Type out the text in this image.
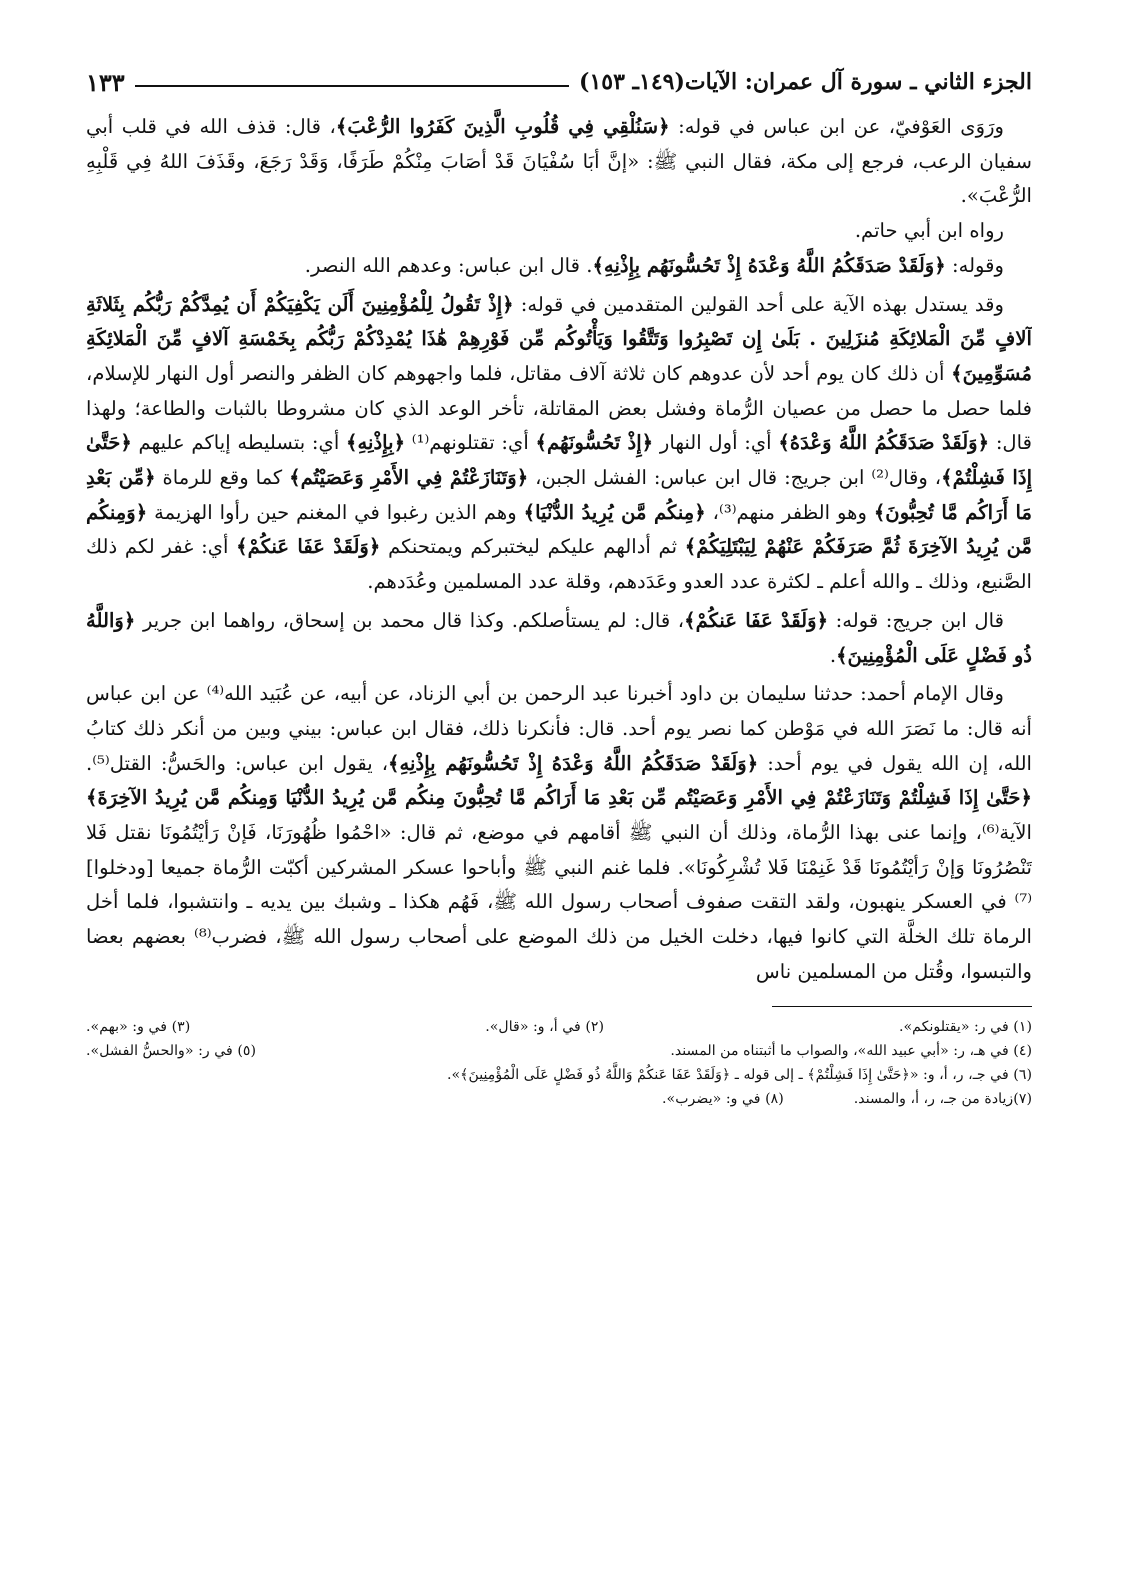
الجزء الثاني ـ سورة آل عمران: الآيات(١٤٩ـ ١٥٣)
١٣٣

ورَوَى العَوْفيّ، عن ابن عباس في قوله: ﴿سَنُلْقِي فِي قُلُوبِ الَّذِينَ كَفَرُوا الرُّعْبَ﴾، قال: قذف الله في قلب أبي سفيان الرعب، فرجع إلى مكة، فقال النبي ﷺ: «إنَّ أبَا سُفْيَانَ قَدْ أصَابَ مِنْكُمْ طَرَفًا، وَقَدْ رَجَعَ، وقَذَفَ اللهُ فِي قَلْبِهِ الرُّعْبَ».

رواه ابن أبي حاتم.

وقوله: ﴿وَلَقَدْ صَدَقَكُمُ اللَّهُ وَعْدَهُ إِذْ تَحُسُّونَهُم بِإِذْنِهِ﴾. قال ابن عباس: وعدهم الله النصر.

وقد يستدل بهذه الآية على أحد القولين المتقدمين في قوله: ﴿إِذْ تَقُولُ لِلْمُؤْمِنِينَ أَلَن يَكْفِيَكُمْ أَن يُمِدَّكُمْ رَبُّكُم بِثَلاثَةِ آلافٍ مِّنَ الْمَلائِكَةِ مُنزَلِينَ . بَلَىٰ إِن تَصْبِرُوا وَتَتَّقُوا وَيَأْتُوكُم مِّن فَوْرِهِمْ هَٰذَا يُمْدِدْكُمْ رَبُّكُم بِخَمْسَةِ آلافٍ مِّنَ الْمَلائِكَةِ مُسَوِّمِينَ﴾ أن ذلك كان يوم أحد لأن عدوهم كان ثلاثة آلاف مقاتل، فلما واجهوهم كان الظفر والنصر أول النهار للإسلام، فلما حصل ما حصل من عصيان الرُّماة وفشل بعض المقاتلة، تأخر الوعد الذي كان مشروطا بالثبات والطاعة؛ ولهذا قال: ﴿وَلَقَدْ صَدَقَكُمُ اللَّهُ وَعْدَهُ﴾ أي: أول النهار ﴿إِذْ تَحُسُّونَهُم﴾ أي: تقتلونهم⁽¹⁾ ﴿بِإِذْنِهِ﴾ أي: بتسليطه إياكم عليهم ﴿حَتَّىٰ إِذَا فَشِلْتُمْ﴾، وقال⁽²⁾ ابن جريج: قال ابن عباس: الفشل الجبن، ﴿وَتَنَازَعْتُمْ فِي الأَمْرِ وَعَصَيْتُم﴾ كما وقع للرماة ﴿مِّن بَعْدِ مَا أَرَاكُم مَّا تُحِبُّونَ﴾ وهو الظفر منهم⁽³⁾، ﴿مِنكُم مَّن يُرِيدُ الدُّنْيَا﴾ وهم الذين رغبوا في المغنم حين رأوا الهزيمة ﴿وَمِنكُم مَّن يُرِيدُ الآخِرَةَ ثُمَّ صَرَفَكُمْ عَنْهُمْ لِيَبْتَلِيَكُمْ﴾ ثم أدالهم عليكم ليختبركم ويمتحنكم ﴿وَلَقَدْ عَفَا عَنكُمْ﴾ أي: غفر لكم ذلك الصَّنيع، وذلك ـ والله أعلم ـ لكثرة عدد العدو وعَدَدهم، وقلة عدد المسلمين وعُدَدهم.

قال ابن جريج: قوله: ﴿وَلَقَدْ عَفَا عَنكُمْ﴾، قال: لم يستأصلكم. وكذا قال محمد بن إسحاق، رواهما ابن جرير ﴿وَاللَّهُ ذُو فَضْلٍ عَلَى الْمُؤْمِنِينَ﴾.

وقال الإمام أحمد: حدثنا سليمان بن داود أخبرنا عبد الرحمن بن أبي الزناد، عن أبيه، عن عُبَيد الله⁽⁴⁾ عن ابن عباس أنه قال: ما نَصَرَ الله في مَوْطن كما نصر يوم أحد. قال: فأنكرنا ذلك، فقال ابن عباس: بيني وبين من أنكر ذلك كتابُ الله، إن الله يقول في يوم أحد: ﴿وَلَقَدْ صَدَقَكُمُ اللَّهُ وَعْدَهُ إِذْ تَحُسُّونَهُم بِإِذْنِهِ﴾، يقول ابن عباس: والحَسُّ: القتل⁽⁵⁾. ﴿حَتَّىٰ إِذَا فَشِلْتُمْ وَتَنَازَعْتُمْ فِي الأَمْرِ وَعَصَيْتُم مِّن بَعْدِ مَا أَرَاكُم مَّا تُحِبُّونَ مِنكُم مَّن يُرِيدُ الدُّنْيَا وَمِنكُم مَّن يُرِيدُ الآخِرَةَ﴾ الآية⁽⁶⁾، وإنما عنى بهذا الرُّماة، وذلك أن النبي ﷺ أقامهم في موضع، ثم قال: «احْمُوا ظُهُورَنَا، فَإنْ رَأيْتُمُونَا نقتل فَلا تَنْصُرُونَا وَإنْ رَأيْتُمُونَا قَدْ غَنِمْنَا فَلا تُشْرِكُونَا». فلما غنم النبي ﷺ وأباحوا عسكر المشركين أكبّت الرُّماة جميعا [ودخلوا]⁽⁷⁾ في العسكر ينهبون، ولقد التقت صفوف أصحاب رسول الله ﷺ، فَهُم هكذا ـ وشبك بين يديه ـ وانتشبوا، فلما أخل الرماة تلك الخلَّة التي كانوا فيها، دخلت الخيل من ذلك الموضع على أصحاب رسول الله ﷺ، فضرب⁽⁸⁾ بعضهم بعضا والتبسوا، وقُتل من المسلمين ناس

(١) في ر: «يقتلونكم».
(٢) في أ، و: «قال».
(٣) في و: «بهم».
(٤) في هـ، ر: «أبي عبيد الله»، والصواب ما أثبتناه من المسند.
(٥) في ر: «والحسُّ الفشل».
(٦) في جـ، ر، أ، و: «﴿حَتَّىٰ إِذَا فَشِلْتُمْ﴾ ـ إلى قوله ـ ﴿وَلَقَدْ عَفَا عَنكُمْ وَاللَّهُ ذُو فَضْلٍ عَلَى الْمُؤْمِنِينَ﴾».
(٧)زيادة من جـ، ر، أ، والمسند.
(٨) في و: «يضرب».
